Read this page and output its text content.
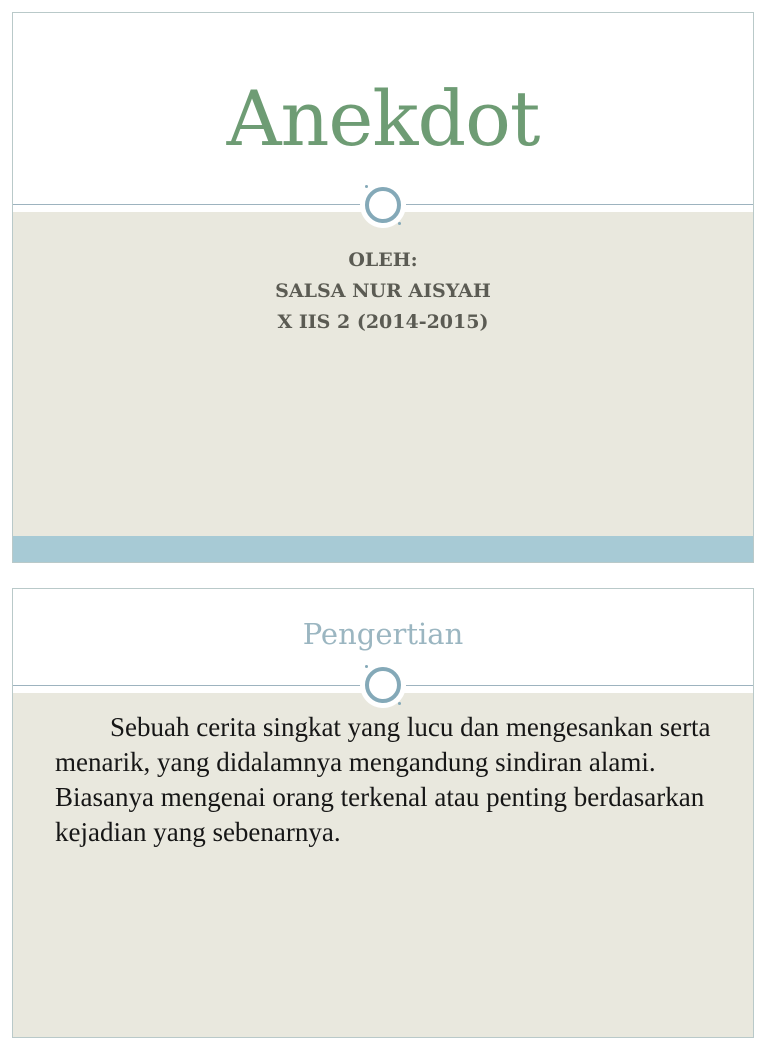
Anekdot
OLEH:
SALSA NUR AISYAH
X IIS 2 (2014-2015)
Pengertian

Sebuah cerita singkat yang lucu dan mengesankan serta menarik, yang didalamnya mengandung sindiran alami. Biasanya mengenai orang terkenal atau penting berdasarkan kejadian yang sebenarnya.
